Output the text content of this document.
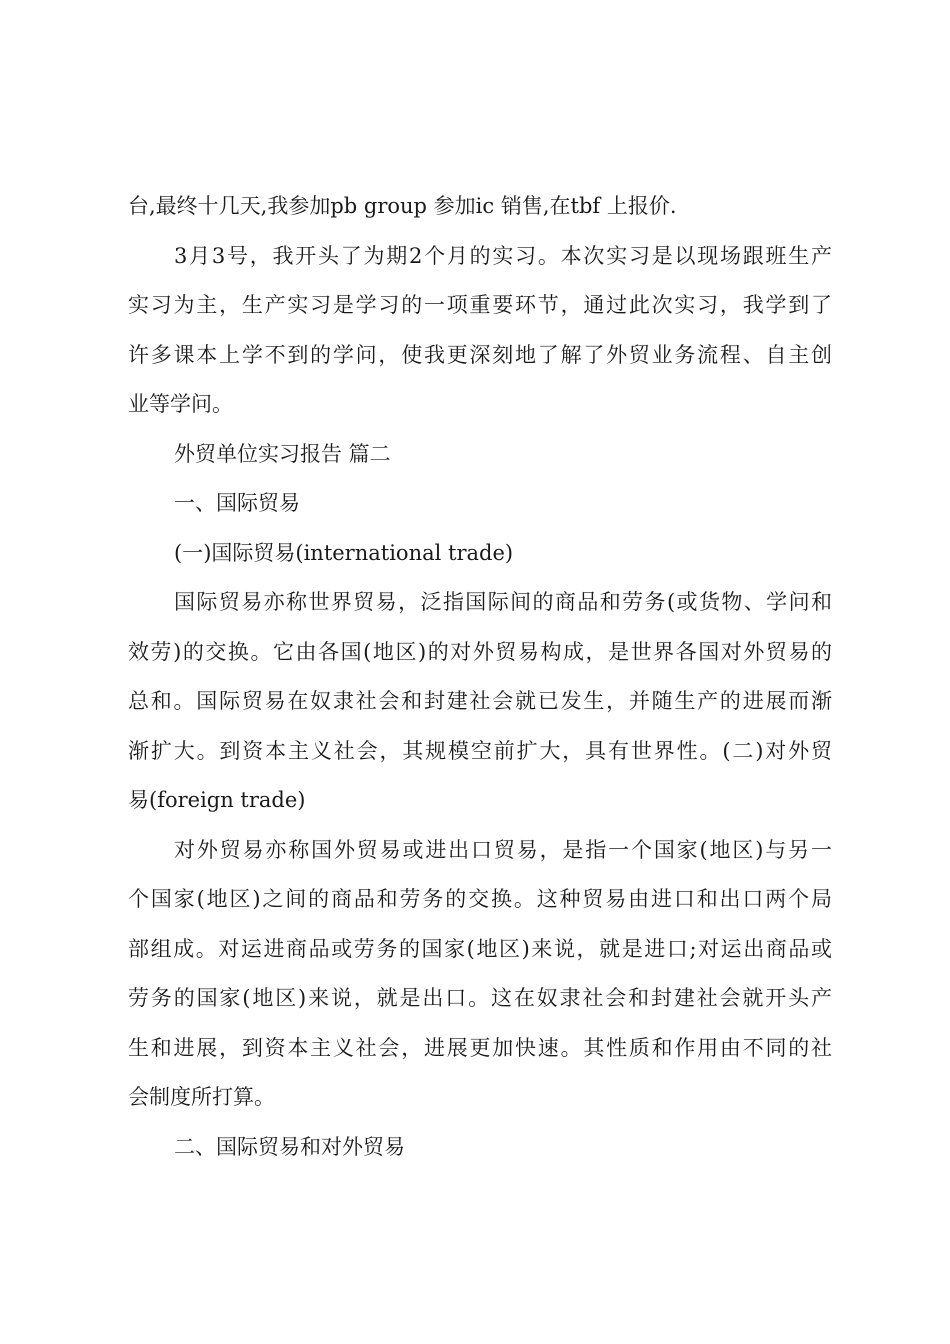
台,最终十几天,我参加pb group 参加ic 销售,在tbf 上报价.

3月3号，我开头了为期2个月的实习。本次实习是以现场跟班生产
实习为主，生产实习是学习的一项重要环节，通过此次实习，我学到了
许多课本上学不到的学问，使我更深刻地了解了外贸业务流程、自主创
业等学问。

外贸单位实习报告 篇二

一、国际贸易

(一)国际贸易(international trade)

国际贸易亦称世界贸易，泛指国际间的商品和劳务(或货物、学问和
效劳)的交换。它由各国(地区)的对外贸易构成，是世界各国对外贸易的
总和。国际贸易在奴隶社会和封建社会就已发生，并随生产的进展而渐
渐扩大。到资本主义社会，其规模空前扩大，具有世界性。(二)对外贸
易(foreign trade)

对外贸易亦称国外贸易或进出口贸易，是指一个国家(地区)与另一
个国家(地区)之间的商品和劳务的交换。这种贸易由进口和出口两个局
部组成。对运进商品或劳务的国家(地区)来说，就是进口;对运出商品或
劳务的国家(地区)来说，就是出口。这在奴隶社会和封建社会就开头产
生和进展，到资本主义社会，进展更加快速。其性质和作用由不同的社
会制度所打算。

二、国际贸易和对外贸易
